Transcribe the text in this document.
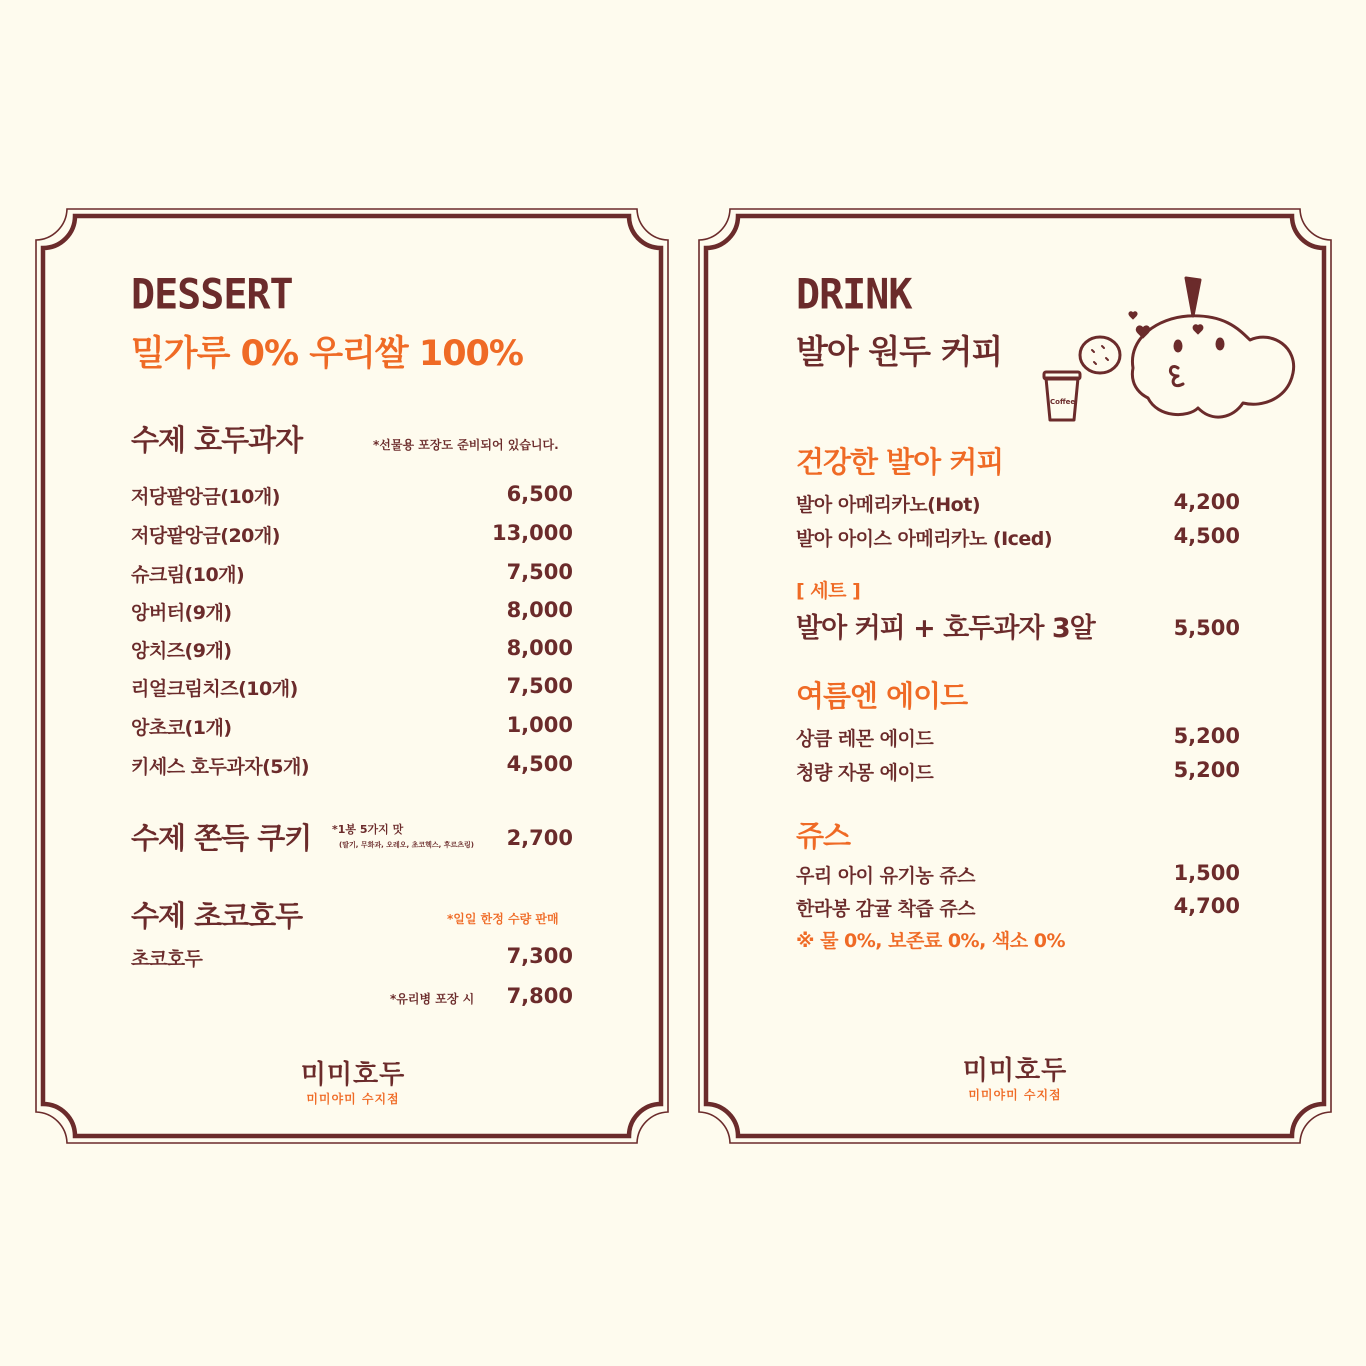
DESSERT
밀가루 0% 우리쌀 100%
수제 호두과자	*선물용 포장도 준비되어 있습니다.
저당팥앙금(10개)	6,500
저당팥앙금(20개)	13,000
슈크림(10개)	7,500
앙버터(9개)	8,000
앙치즈(9개)	8,000
리얼크림치즈(10개)	7,500
앙초코(1개)	1,000
키세스 호두과자(5개)	4,500
수제 쫀득 쿠키 *1봉 5가지 맛
(딸기, 무화과, 오레오, 초코헥스, 후르츠링)	2,700
수제 초코호두	*일일 한정 수량 판매
초코호두	7,300
*유리병 포장 시	7,800
미미호두
미미야미 수지점
DRINK
발아 원두 커피
Coffee
건강한 발아 커피
발아 아메리카노(Hot)	4,200
발아 아이스 아메리카노 (Iced)	4,500
[ 세트 ]
발아 커피 + 호두과자 3알	5,500
여름엔 에이드
상큼 레몬 에이드	5,200
청량 자몽 에이드	5,200
쥬스
우리 아이 유기농 쥬스	1,500
한라봉 감귤 착즙 쥬스	4,700
※ 물 0%, 보존료 0%, 색소 0%
미미호두
미미야미 수지점
